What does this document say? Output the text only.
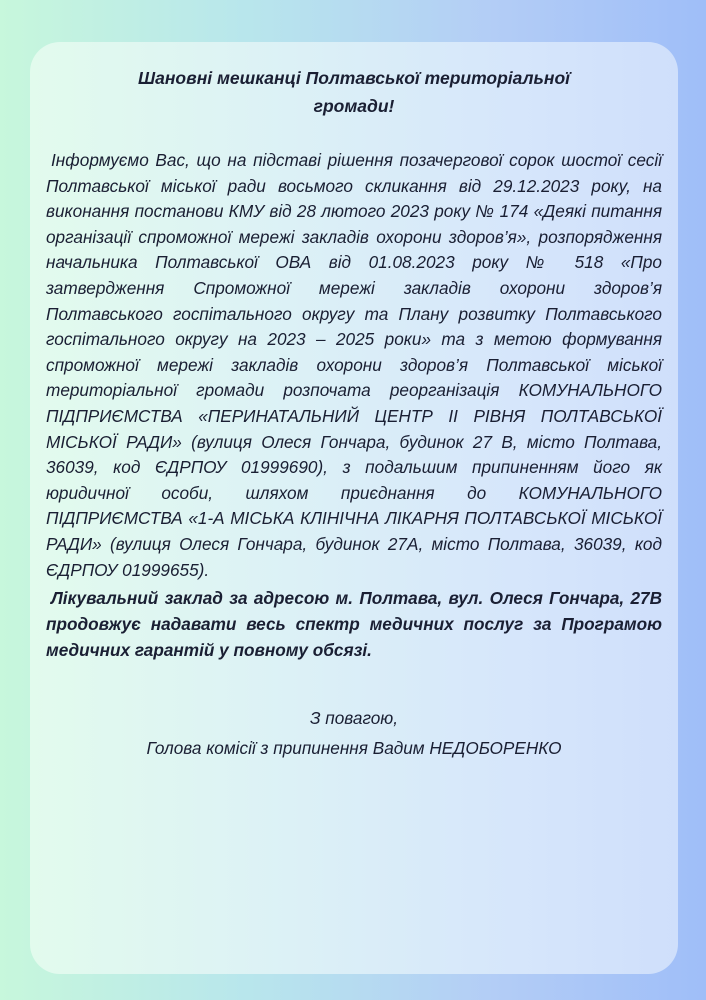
Шановні мешканці Полтавської територіальної
громади!
Інформуємо Вас, що на підставі рішення позачергової сорок шостої сесії Полтавської міської ради восьмого скликання від 29.12.2023 року, на виконання постанови КМУ від 28 лютого 2023 року № 174 «Деякі питання організації спроможної мережі закладів охорони здоров’я», розпорядження начальника Полтавської ОВА від 01.08.2023 року № 518 «Про затвердження Спроможної мережі закладів охорони здоров’я Полтавського госпітального округу та Плану розвитку Полтавського госпітального округу на 2023 – 2025 роки» та з метою формування спроможної мережі закладів охорони здоров’я Полтавської міської територіальної громади розпочата реорганізація КОМУНАЛЬНОГО ПІДПРИЄМСТВА «ПЕРИНАТАЛЬНИЙ ЦЕНТР ІІ РІВНЯ ПОЛТАВСЬКОЇ МІСЬКОЇ РАДИ» (вулиця Олеся Гончара, будинок 27 В, місто Полтава, 36039, код ЄДРПОУ 01999690), з подальшим припиненням його як юридичної особи, шляхом приєднання до КОМУНАЛЬНОГО ПІДПРИЄМСТВА «1-А МІСЬКА КЛІНІЧНА ЛІКАРНЯ ПОЛТАВСЬКОЇ МІСЬКОЇ РАДИ» (вулиця Олеся Гончара, будинок 27А, місто Полтава, 36039, код ЄДРПОУ 01999655).
Лікувальний заклад за адресою м. Полтава, вул. Олеся Гончара, 27В продовжує надавати весь спектр медичних послуг за Програмою медичних гарантій у повному обсязі.
З повагою,
Голова комісії з припинення Вадим НЕДОБОРЕНКО
